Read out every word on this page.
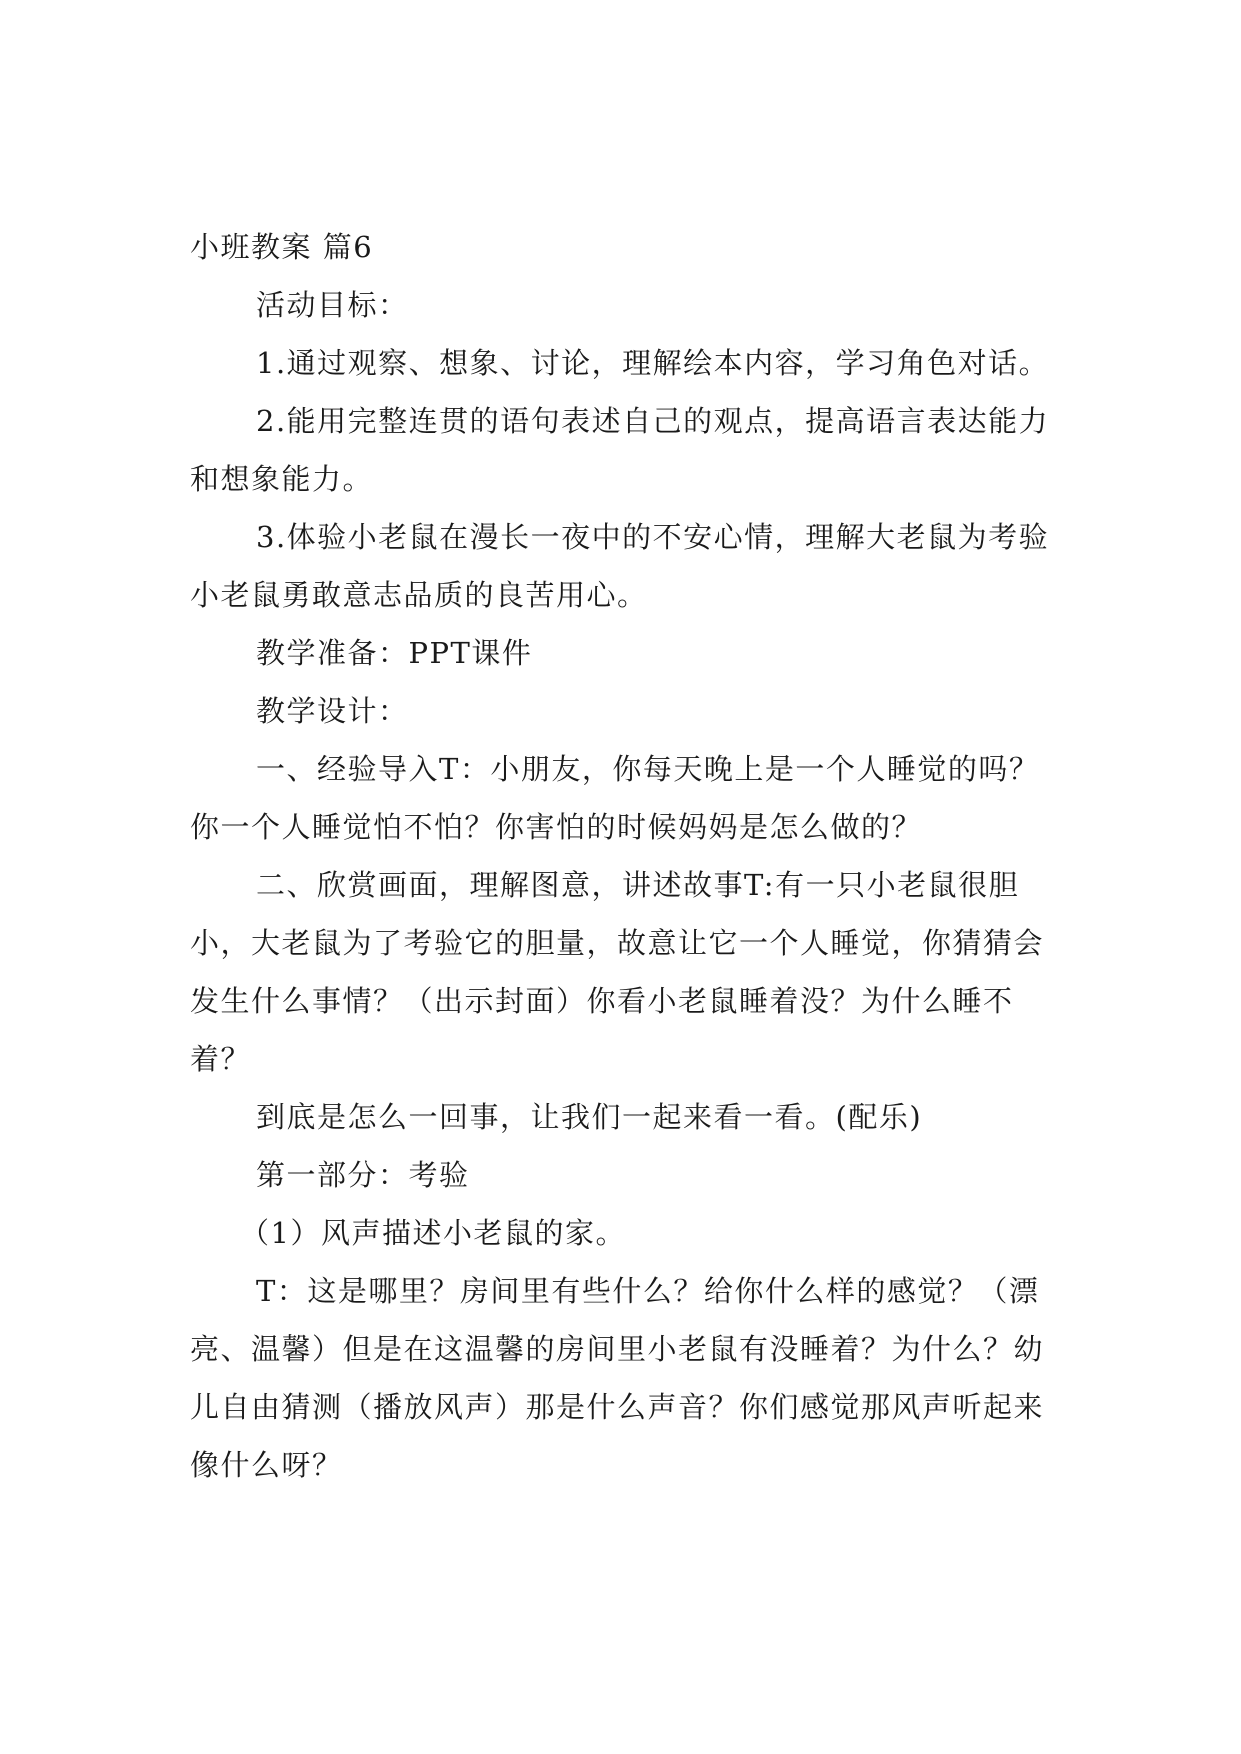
小班教案 篇6

活动目标：

1.通过观察、想象、讨论，理解绘本内容，学习角色对话。

2.能用完整连贯的语句表述自己的观点，提高语言表达能力和想象能力。

3.体验小老鼠在漫长一夜中的不安心情，理解大老鼠为考验小老鼠勇敢意志品质的良苦用心。

教学准备：PPT课件

教学设计：

一、经验导入T：小朋友，你每天晚上是一个人睡觉的吗？你一个人睡觉怕不怕？你害怕的时候妈妈是怎么做的？

二、欣赏画面，理解图意，讲述故事T:有一只小老鼠很胆小，大老鼠为了考验它的胆量，故意让它一个人睡觉，你猜猜会发生什么事情？（出示封面）你看小老鼠睡着没？为什么睡不着？

到底是怎么一回事，让我们一起来看一看。(配乐)

第一部分：考验

（1）风声描述小老鼠的家。

T：这是哪里？房间里有些什么？给你什么样的感觉？（漂亮、温馨）但是在这温馨的房间里小老鼠有没睡着？为什么？幼儿自由猜测（播放风声）那是什么声音？你们感觉那风声听起来像什么呀？
